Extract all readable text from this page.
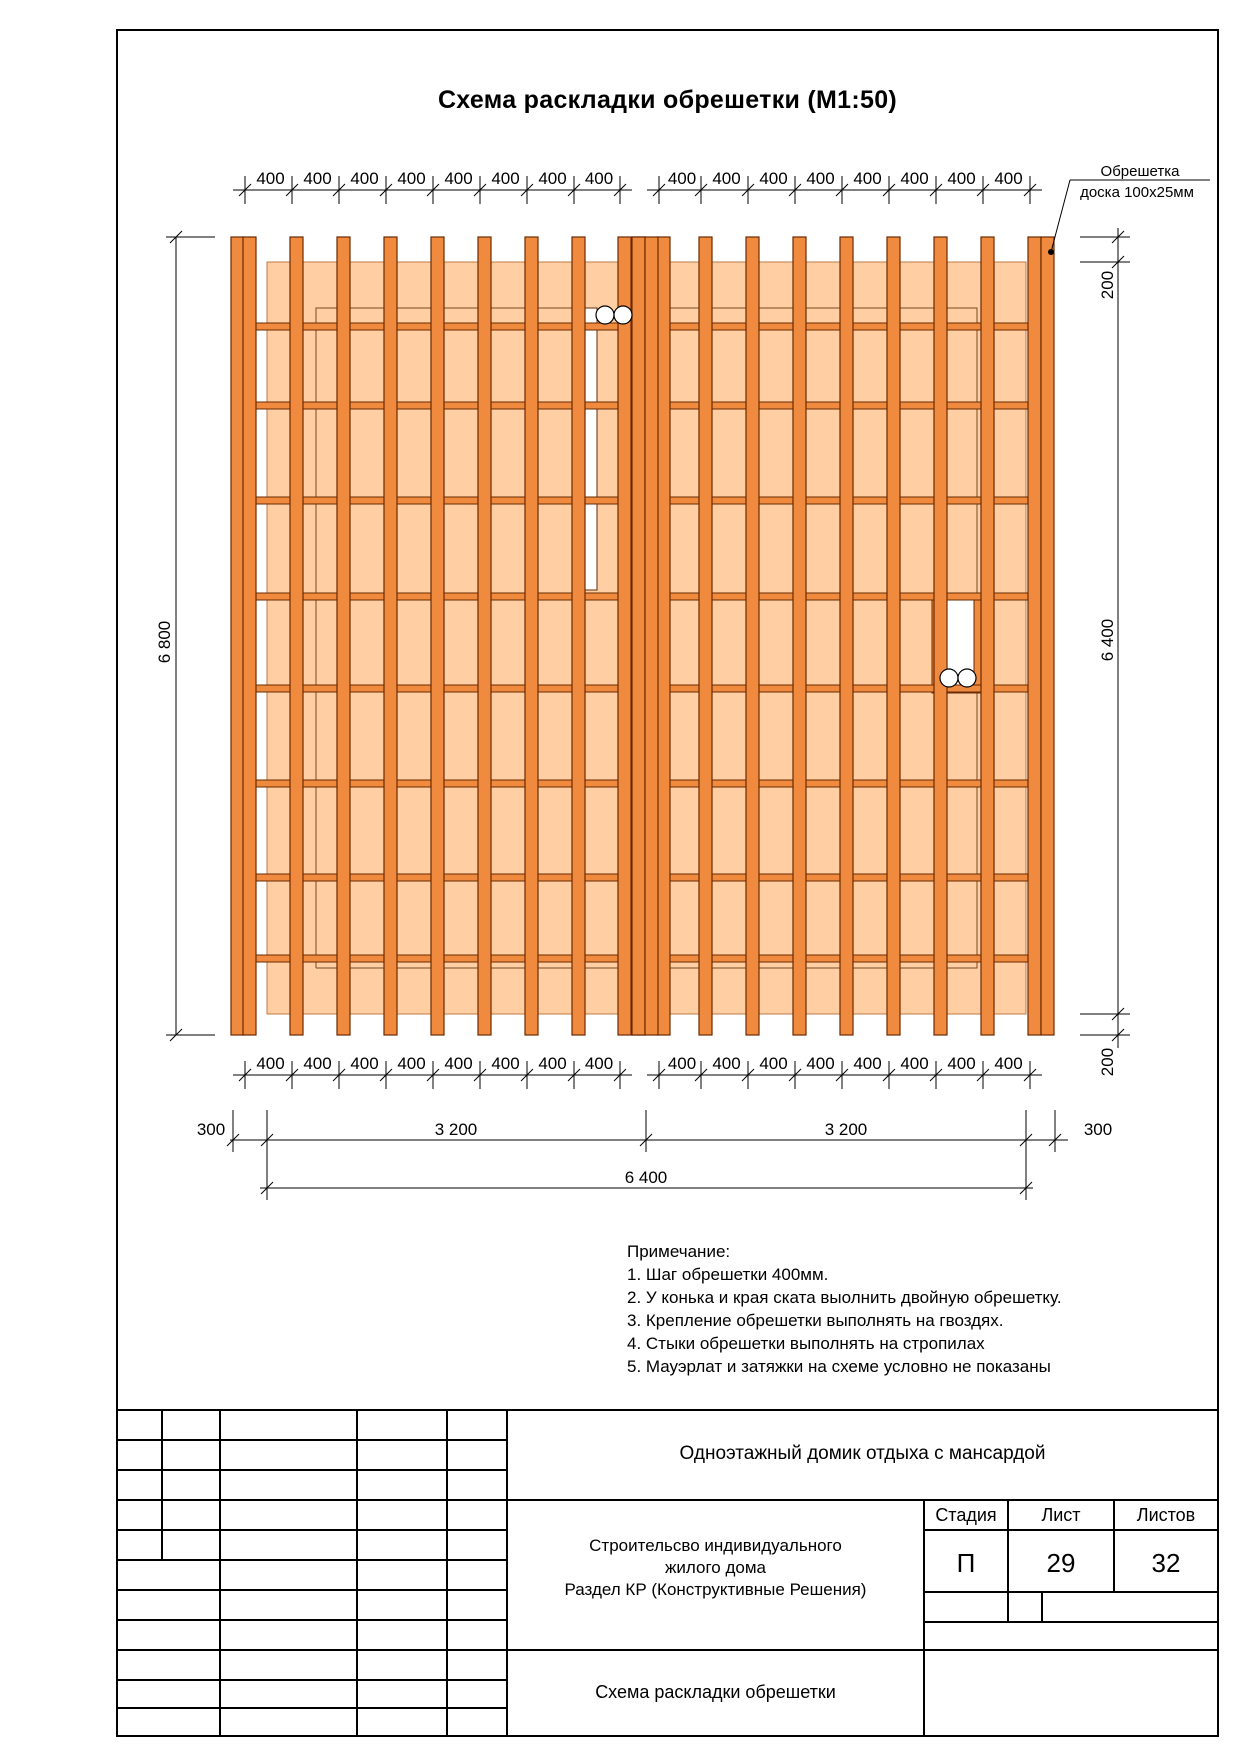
400 400 400 400 400 400 400 400	400 400 400 400 400 400 400 400
400 400 400 400 400 400 400 400	400 400 400 400 400 400 400 400
6 800
200
6 400
200
300	3 200	3 200	300
6 400
Обрешетка
доска 100х25мм
Схема раскладки обрешетки (М1:50)
Примечание:
1. Шаг обрешетки 400мм.
2. У конька и края ската выолнить двойную обрешетку.
3. Крепление обрешетки выполнять на гвоздях.
4. Стыки обрешетки выполнять на стропилах
5. Мауэрлат и затяжки на схеме условно не показаны
Одноэтажный домик отдыха с мансардой
Строительсво индивидуального
жилого дома
Раздел КР (Конструктивные Решения)
Стадия	Лист	Листов
П	29	32
Схема раскладки обрешетки
